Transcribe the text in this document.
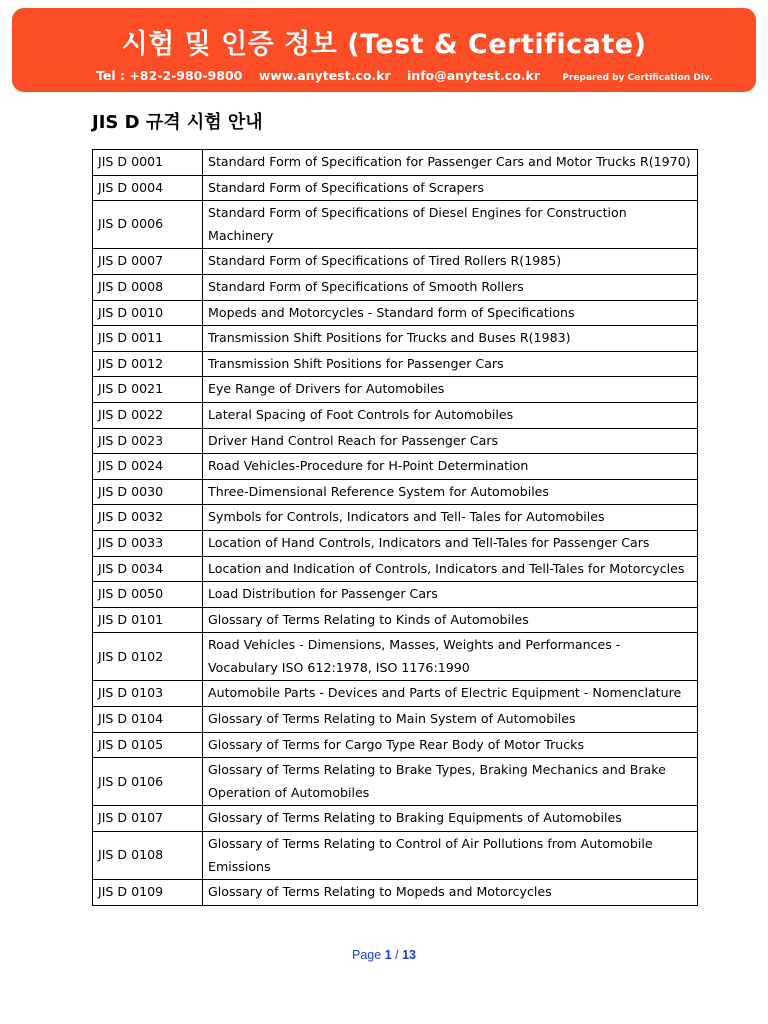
시험 및 인증 정보 (Test & Certificate)
Tel : +82-2-980-9800 www.anytest.co.kr info@anytest.co.kr Prepared by Certification Div.
JIS D 규격 시험 안내
JIS D 0001	Standard Form of Specification for Passenger Cars and Motor Trucks R(1970)
JIS D 0004	Standard Form of Specifications of Scrapers
JIS D 0006	Standard Form of Specifications of Diesel Engines for Construction Machinery
JIS D 0007	Standard Form of Specifications of Tired Rollers R(1985)
JIS D 0008	Standard Form of Specifications of Smooth Rollers
JIS D 0010	Mopeds and Motorcycles - Standard form of Specifications
JIS D 0011	Transmission Shift Positions for Trucks and Buses R(1983)
JIS D 0012	Transmission Shift Positions for Passenger Cars
JIS D 0021	Eye Range of Drivers for Automobiles
JIS D 0022	Lateral Spacing of Foot Controls for Automobiles
JIS D 0023	Driver Hand Control Reach for Passenger Cars
JIS D 0024	Road Vehicles-Procedure for H-Point Determination
JIS D 0030	Three-Dimensional Reference System for Automobiles
JIS D 0032	Symbols for Controls, Indicators and Tell- Tales for Automobiles
JIS D 0033	Location of Hand Controls, Indicators and Tell-Tales for Passenger Cars
JIS D 0034	Location and Indication of Controls, Indicators and Tell-Tales for Motorcycles
JIS D 0050	Load Distribution for Passenger Cars
JIS D 0101	Glossary of Terms Relating to Kinds of Automobiles
JIS D 0102	Road Vehicles - Dimensions, Masses, Weights and Performances - Vocabulary ISO 612:1978, ISO 1176:1990
JIS D 0103	Automobile Parts - Devices and Parts of Electric Equipment - Nomenclature
JIS D 0104	Glossary of Terms Relating to Main System of Automobiles
JIS D 0105	Glossary of Terms for Cargo Type Rear Body of Motor Trucks
JIS D 0106	Glossary of Terms Relating to Brake Types, Braking Mechanics and Brake Operation of Automobiles
JIS D 0107	Glossary of Terms Relating to Braking Equipments of Automobiles
JIS D 0108	Glossary of Terms Relating to Control of Air Pollutions from Automobile Emissions
JIS D 0109	Glossary of Terms Relating to Mopeds and Motorcycles
Page 1 / 13
